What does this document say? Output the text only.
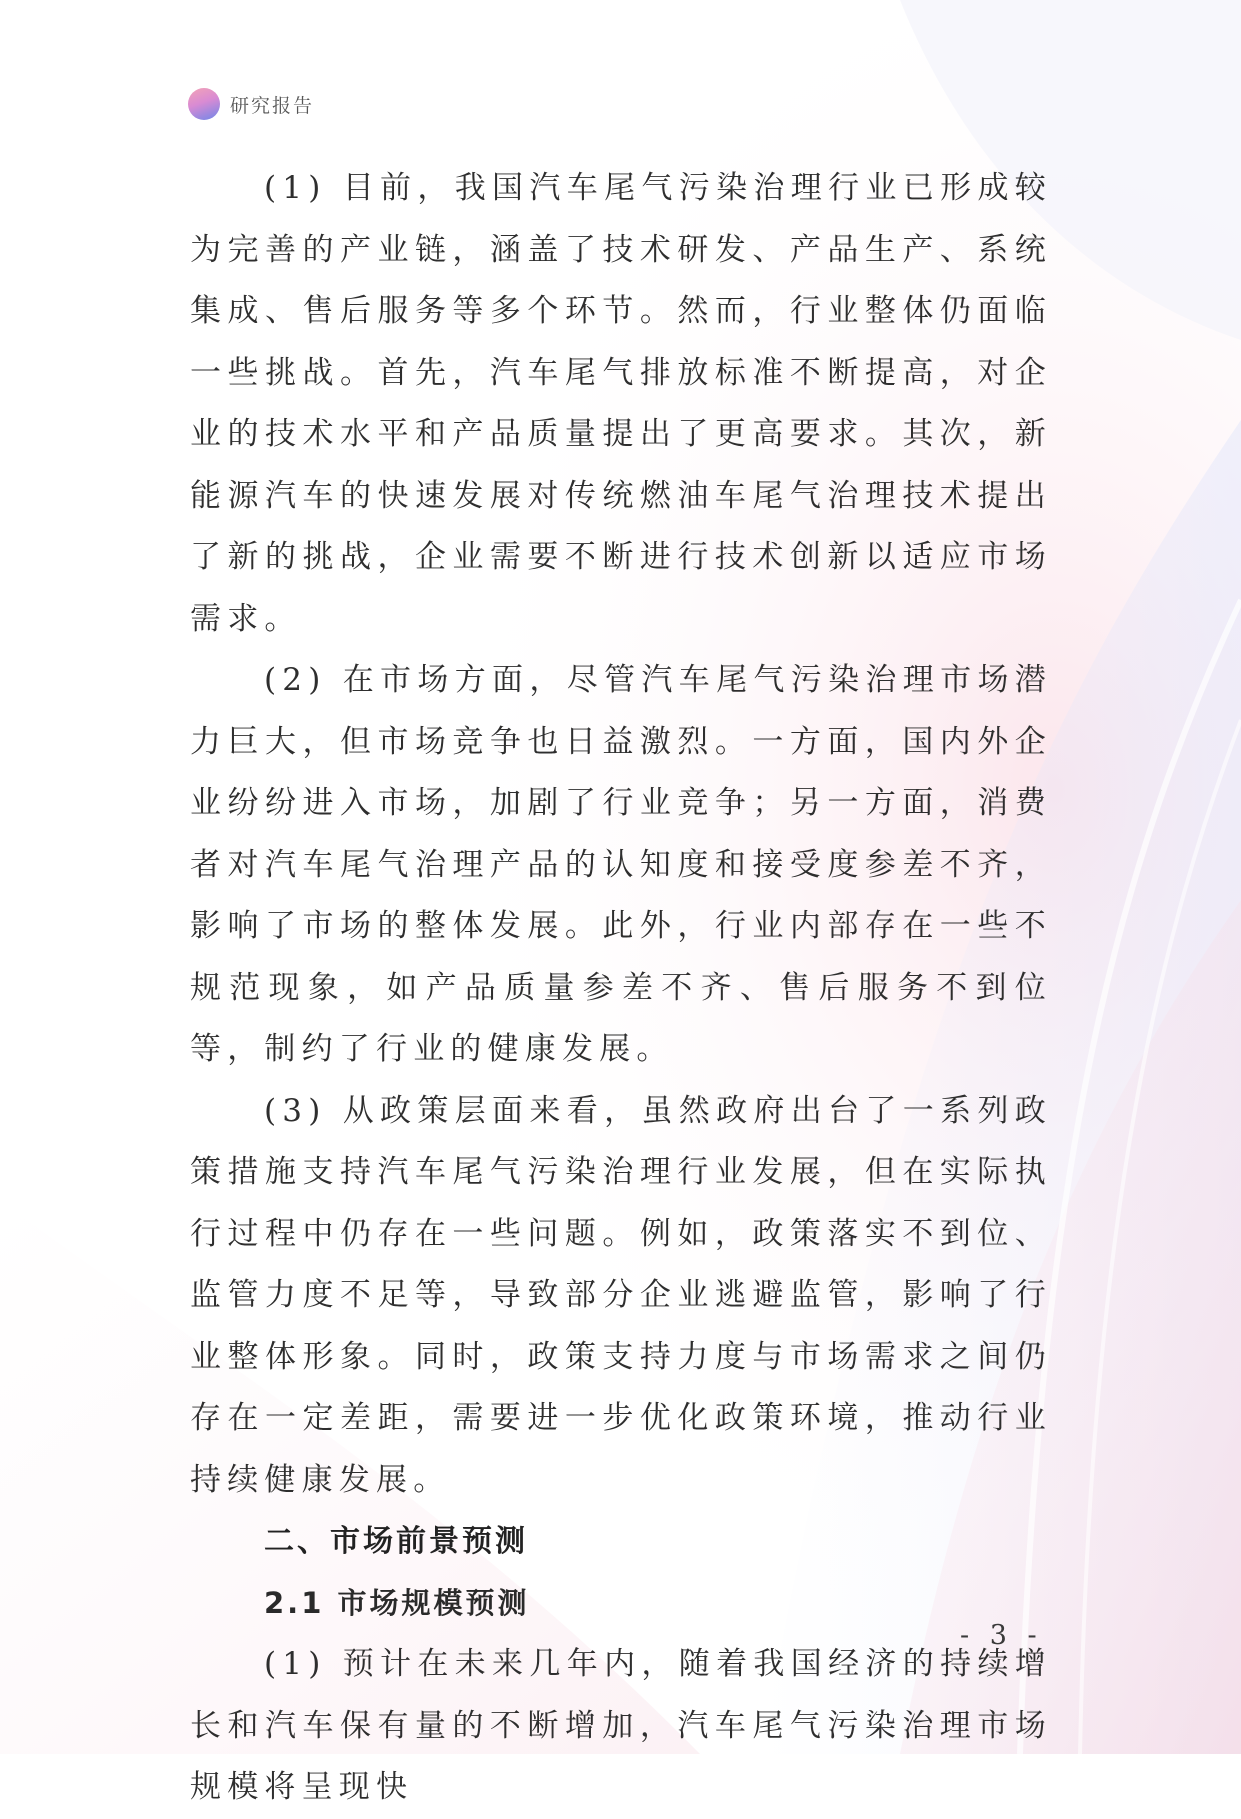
研究报告

(1) 目前，我国汽车尾气污染治理行业已形成较为完善的产业链，涵盖了技术研发、产品生产、系统集成、售后服务等多个环节。然而，行业整体仍面临一些挑战。首先，汽车尾气排放标准不断提高，对企业的技术水平和产品质量提出了更高要求。其次，新能源汽车的快速发展对传统燃油车尾气治理技术提出了新的挑战，企业需要不断进行技术创新以适应市场需求。

(2) 在市场方面，尽管汽车尾气污染治理市场潜力巨大，但市场竞争也日益激烈。一方面，国内外企业纷纷进入市场，加剧了行业竞争；另一方面，消费者对汽车尾气治理产品的认知度和接受度参差不齐，影响了市场的整体发展。此外，行业内部存在一些不规范现象，如产品质量参差不齐、售后服务不到位等，制约了行业的健康发展。

(3) 从政策层面来看，虽然政府出台了一系列政策措施支持汽车尾气污染治理行业发展，但在实际执行过程中仍存在一些问题。例如，政策落实不到位、监管力度不足等，导致部分企业逃避监管，影响了行业整体形象。同时，政策支持力度与市场需求之间仍存在一定差距，需要进一步优化政策环境，推动行业持续健康发展。

二、市场前景预测
2.1 市场规模预测

(1) 预计在未来几年内，随着我国经济的持续增长和汽车保有量的不断增加，汽车尾气污染治理市场规模将呈现快

- 3 -
